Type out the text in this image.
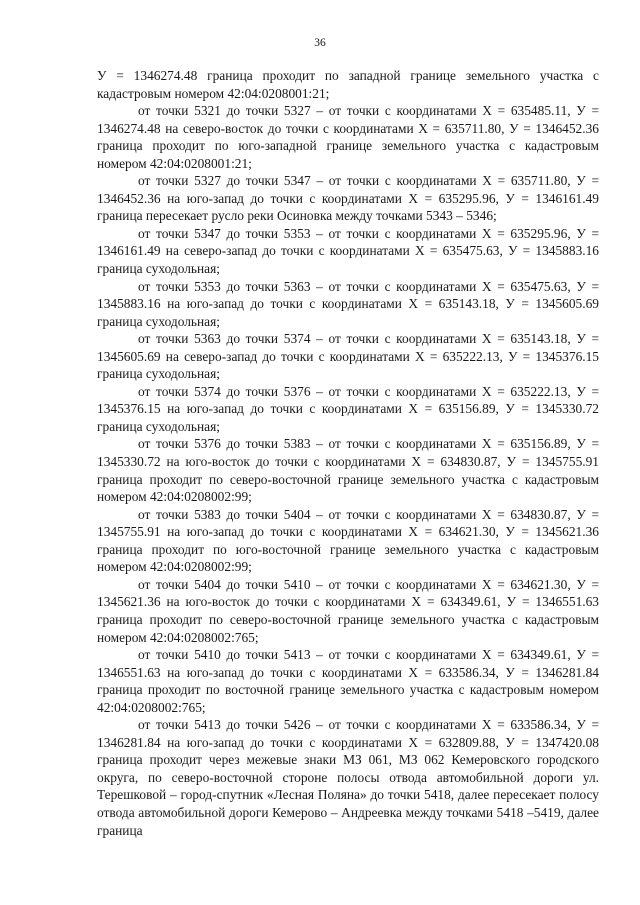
36

У = 1346274.48 граница проходит по западной границе земельного участка с кадастровым номером 42:04:0208001:21;

от точки 5321 до точки 5327 – от точки с координатами Х = 635485.11, У = 1346274.48 на северо-восток до точки с координатами Х = 635711.80, У = 1346452.36 граница проходит по юго-западной границе земельного участка с кадастровым номером 42:04:0208001:21;

от точки 5327 до точки 5347 – от точки с координатами Х = 635711.80, У = 1346452.36 на юго-запад до точки с координатами Х = 635295.96, У = 1346161.49 граница пересекает русло реки Осиновка между точками 5343 – 5346;

от точки 5347 до точки 5353 – от точки с координатами Х = 635295.96, У = 1346161.49 на северо-запад до точки с координатами Х = 635475.63, У = 1345883.16 граница суходольная;

от точки 5353 до точки 5363 – от точки с координатами Х = 635475.63, У = 1345883.16 на юго-запад до точки с координатами Х = 635143.18, У = 1345605.69 граница суходольная;

от точки 5363 до точки 5374 – от точки с координатами Х = 635143.18, У = 1345605.69 на северо-запад до точки с координатами Х = 635222.13, У = 1345376.15 граница суходольная;

от точки 5374 до точки 5376 – от точки с координатами Х = 635222.13, У = 1345376.15 на юго-запад до точки с координатами Х = 635156.89, У = 1345330.72 граница суходольная;

от точки 5376 до точки 5383 – от точки с координатами Х = 635156.89, У = 1345330.72 на юго-восток до точки с координатами Х = 634830.87, У = 1345755.91 граница проходит по северо-восточной границе земельного участка с кадастровым номером 42:04:0208002:99;

от точки 5383 до точки 5404 – от точки с координатами Х = 634830.87, У = 1345755.91 на юго-запад до точки с координатами Х = 634621.30, У = 1345621.36 граница проходит по юго-восточной границе земельного участка с кадастровым номером 42:04:0208002:99;

от точки 5404 до точки 5410 – от точки с координатами Х = 634621.30, У = 1345621.36 на юго-восток до точки с координатами Х = 634349.61, У = 1346551.63 граница проходит по северо-восточной границе земельного участка с кадастровым номером 42:04:0208002:765;

от точки 5410 до точки 5413 – от точки с координатами Х = 634349.61, У = 1346551.63 на юго-запад до точки с координатами Х = 633586.34, У = 1346281.84 граница проходит по восточной границе земельного участка с кадастровым номером 42:04:0208002:765;

от точки 5413 до точки 5426 – от точки с координатами Х = 633586.34, У = 1346281.84 на юго-запад до точки с координатами Х = 632809.88, У = 1347420.08 граница проходит через межевые знаки МЗ 061, МЗ 062 Кемеровского городского округа, по северо-восточной стороне полосы отвода автомобильной дороги ул. Терешковой – город-спутник «Лесная Поляна» до точки 5418, далее пересекает полосу отвода автомобильной дороги Кемерово – Андреевка между точками 5418 –5419, далее граница
